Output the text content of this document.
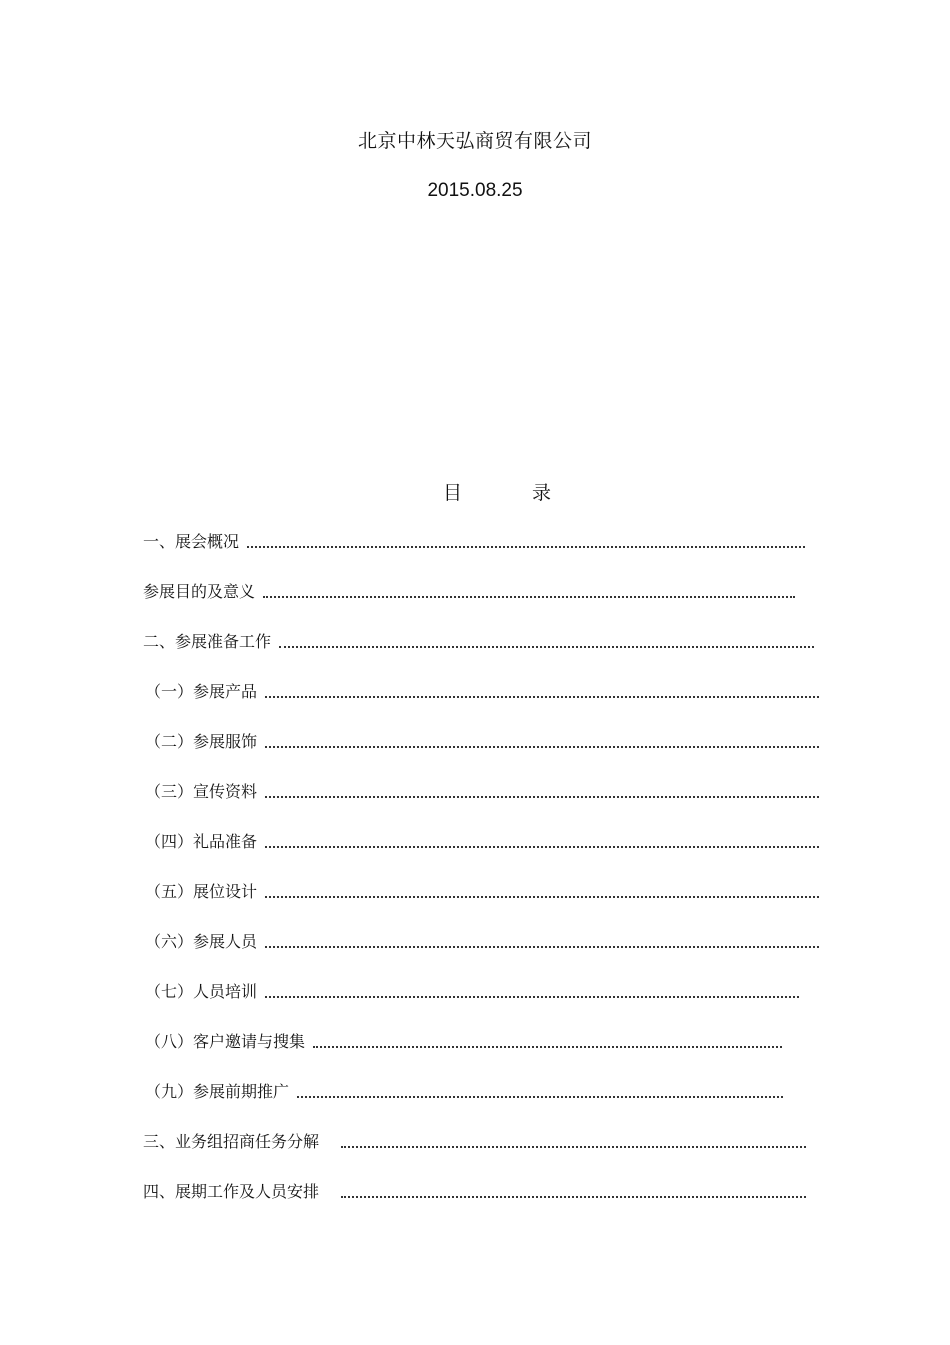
北京中林天弘商贸有限公司
2015.08.25
目 录
一、展会概况
参展目的及意义
二、参展准备工作
（一）参展产品
（二）参展服饰
（三）宣传资料
（四）礼品准备
（五）展位设计
（六）参展人员
（七）人员培训
（八）客户邀请与搜集
（九）参展前期推广
三、业务组招商任务分解
四、展期工作及人员安排
